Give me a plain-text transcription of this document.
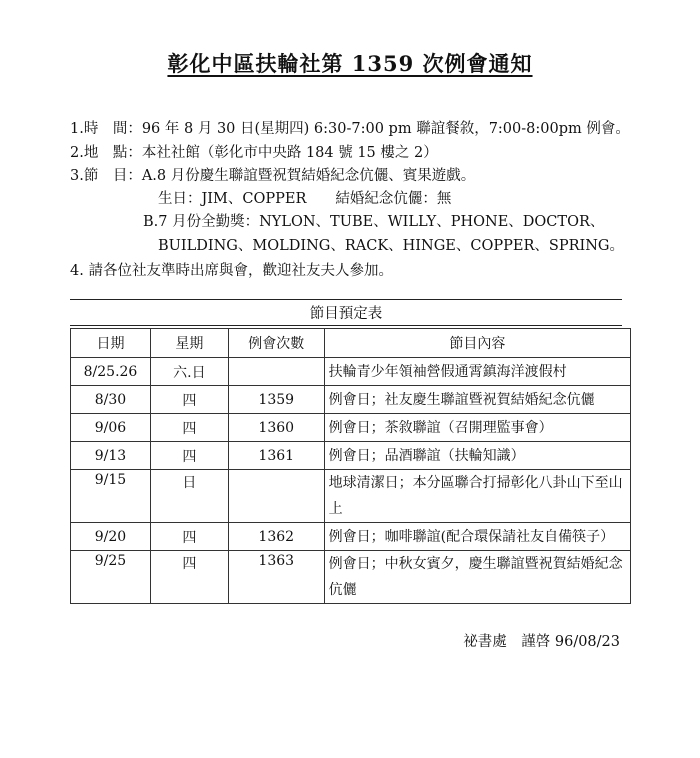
彰化中區扶輪社第 1359 次例會通知
1.時　間：96 年 8 月 30 日(星期四) 6:30-7:00 pm 聯誼餐敘，7:00-8:00pm 例會。
2.地　點：本社社館（彰化市中央路 184 號 15 樓之 2）
3.節　目：A.8 月份慶生聯誼暨祝賀結婚紀念伉儷、賓果遊戲。
生日：JIM、COPPER　　結婚紀念伉儷：無
B.7 月份全勤獎：NYLON、TUBE、WILLY、PHONE、DOCTOR、
BUILDING、MOLDING、RACK、HINGE、COPPER、SPRING。
4. 請各位社友準時出席與會，歡迎社友夫人參加。
節目預定表
日期	星期	例會次數	節目內容
8/25.26	六.日		扶輪青少年領袖營假通霄鎮海洋渡假村
8/30	四	1359	例會日；社友慶生聯誼暨祝賀結婚紀念伉儷
9/06	四	1360	例會日；茶敘聯誼（召開理監事會）
9/13	四	1361	例會日；品酒聯誼（扶輪知識）
9/15	日		地球清潔日；本分區聯合打掃彰化八卦山下至山上
9/20	四	1362	例會日；咖啡聯誼(配合環保請社友自備筷子）
9/25	四	1363	例會日；中秋女賓夕，慶生聯誼暨祝賀結婚紀念伉儷
祕書處　謹啓 96/08/23
